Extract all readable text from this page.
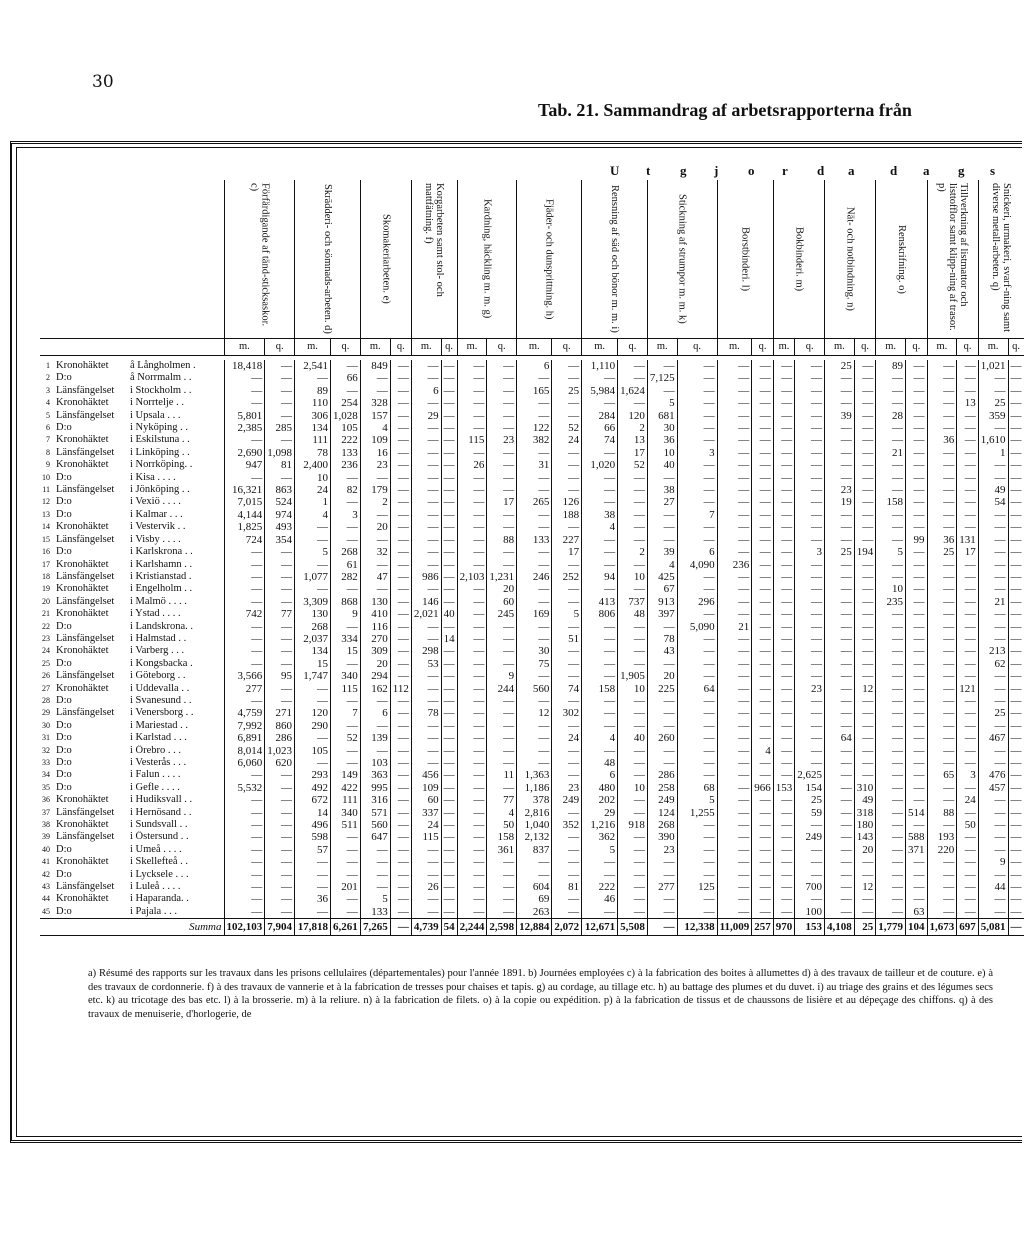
30
Tab. 21. Sammandrag af arbetsrapporterna från
U t g j o r d a	d a g s

			Förfärdigande af tänd-sticksaskor. c)		Skrädderi- och sömnads-arbeten. d)		Skomakeriarbeten. e)		Korgarbeten samt stol- och mattfätning. f)		Kardning, häckling m. m. g)		Fjäder- och dunsprittning. h)		Rensning af säd och bönor m. m. i)		Stickning af strumpor m. m. k)		Borstbinderi. l)		Bokbinderi. m)		Nät- och notbindning. n)		Renskrifning. o)		Tillverkning af listmattor och listtofflor samt klipp-ning af trasor. p)		Snickeri, urmakeri, svarf-ning samt diverse metall-arbeten. q)	

			m.	q.	m.	q.	m.	q.	m.	q.	m.	q.	m.	q.	m.	q.	m.	q.	m.	q.	m.	q.	m.	q.	m.	q.	m.	q.	m.	q.

1	Kronohäktet	å Långholmen .	18,418	—	2,541	—	849	—	—	—	—	—	6	—	1,110	—	—	—	—	—	—	—	25	—	89	—	—	—	1,021	—
2	D:o	å Norrmalm . .	—	—	—	66	—	—	—	—	—	—	—	—	—	—	7,125	—	—	—	—	—	—	—	—	—	—	—	—	—
3	Länsfängelset	i Stockholm . .	—	—	89	—	—	—	6	—	—	—	165	25	5,984	1,624	—	—	—	—	—	—	—	—	—	—	—	—	—	—
4	Kronohäktet	i Norrtelje . .	—	—	110	254	328	—	—	—	—	—	—	—	—	—	5	—	—	—	—	—	—	—	—	—	—	13	25	—
5	Länsfängelset	i Upsala . . .	5,801	—	306	1,028	157	—	29	—	—	—	—	—	284	120	681	—	—	—	—	—	39	—	28	—	—	—	359	—
6	D:o	i Nyköping . .	2,385	285	134	105	4	—	—	—	—	—	122	52	66	2	30	—	—	—	—	—	—	—	—	—	—	—	—	—
7	Kronohäktet	i Eskilstuna . .	—	—	111	222	109	—	—	—	115	23	382	24	74	13	36	—	—	—	—	—	—	—	—	—	36	—	1,610	—
8	Länsfängelset	i Linköping . .	2,690	1,098	78	133	16	—	—	—	—	—	—	—	—	17	10	3	—	—	—	—	—	—	21	—	—	—	1	—
9	Kronohäktet	i Norrköping. .	947	81	2,400	236	23	—	—	—	26	—	31	—	1,020	52	40	—	—	—	—	—	—	—	—	—	—	—	—	—
10	D:o	i Kisa . . . .	—	—	10	—	—	—	—	—	—	—	—	—	—	—	—	—	—	—	—	—	—	—	—	—	—	—	—	—
11	Länsfängelset	i Jönköping . .	16,321	863	24	82	179	—	—	—	—	—	—	—	—	—	38	—	—	—	—	—	23	—	—	—	—	—	49	—
12	D:o	i Vexiö . . . .	7,015	524	1	—	2	—	—	—	—	17	265	126	—	—	27	—	—	—	—	—	19	—	158	—	—	—	54	—
13	D:o	i Kalmar . . .	4,144	974	4	3	—	—	—	—	—	—	—	188	38	—	—	7	—	—	—	—	—	—	—	—	—	—	—	—
14	Kronohäktet	i Vestervik . .	1,825	493	—	—	20	—	—	—	—	—	—	—	4	—	—	—	—	—	—	—	—	—	—	—	—	—	—	—
15	Länsfängelset	i Visby . . . .	724	354	—	—	—	—	—	—	—	88	133	227	—	—	—	—	—	—	—	—	—	—	—	99	36	131	—	—
16	D:o	i Karlskrona . .	—	—	5	268	32	—	—	—	—	—	—	17	—	2	39	6	—	—	—	3	25	194	5	—	25	17	—	—
17	Kronohäktet	i Karlshamn . .	—	—	—	61	—	—	—	—	—	—	—	—	—	—	4	4,090	236	—	—	—	—	—	—	—	—	—	—	—
18	Länsfängelset	i Kristianstad .	—	—	1,077	282	47	—	986	—	2,103	1,231	246	252	94	10	425	—	—	—	—	—	—	—	—	—	—	—	—	—
19	Kronohäktet	i Engelholm . .	—	—	—	—	—	—	—	—	—	20	—	—	—	—	67	—	—	—	—	—	—	—	10	—	—	—	—	—
20	Länsfängelset	i Malmö . . . .	—	—	3,309	868	130	—	146	—	—	60	—	—	413	737	913	296	—	—	—	—	—	—	235	—	—	—	21	—
21	Kronohäktet	i Ystad . . . .	742	77	130	9	410	—	2,021	40	—	245	169	5	806	48	397	—	—	—	—	—	—	—	—	—	—	—	—	—
22	D:o	i Landskrona. .	—	—	268	—	116	—	—	—	—	—	—	—	—	—	—	5,090	21	—	—	—	—	—	—	—	—	—	—	—
23	Länsfängelset	i Halmstad . .	—	—	2,037	334	270	—	—	14	—	—	—	51	—	—	78	—	—	—	—	—	—	—	—	—	—	—	—	—
24	Kronohäktet	i Varberg . . .	—	—	134	15	309	—	298	—	—	—	30	—	—	—	43	—	—	—	—	—	—	—	—	—	—	—	213	—
25	D:o	i Kongsbacka .	—	—	15	—	20	—	53	—	—	—	75	—	—	—	—	—	—	—	—	—	—	—	—	—	—	—	62	—
26	Länsfängelset	i Göteborg . .	3,566	95	1,747	340	294	—	—	—	—	9	—	—	—	1,905	20	—	—	—	—	—	—	—	—	—	—	—	—	—
27	Kronohäktet	i Uddevalla . .	277	—	—	115	162	112	—	—	—	244	560	74	158	10	225	64	—	—	—	23	—	12	—	—	—	121	—	—
28	D:o	i Svanesund . .	—	—	—	—	—	—	—	—	—	—	—	—	—	—	—	—	—	—	—	—	—	—	—	—	—	—	—	—
29	Länsfängelset	i Venersborg . .	4,759	271	120	7	6	—	78	—	—	—	12	302	—	—	—	—	—	—	—	—	—	—	—	—	—	—	25	—
30	D:o	i Mariestad . .	7,992	860	290	—	—	—	—	—	—	—	—	—	—	—	—	—	—	—	—	—	—	—	—	—	—	—	—	—
31	D:o	i Karlstad . . .	6,891	286	—	52	139	—	—	—	—	—	—	24	4	40	260	—	—	—	—	—	64	—	—	—	—	—	467	—
32	D:o	i Örebro . . .	8,014	1,023	105	—	—	—	—	—	—	—	—	—	—	—	—	—	—	4	—	—	—	—	—	—	—	—	—	—
33	D:o	i Vesterås . . .	6,060	620	—	—	103	—	—	—	—	—	—	—	48	—	—	—	—	—	—	—	—	—	—	—	—	—	—	—
34	D:o	i Falun . . . .	—	—	293	149	363	—	456	—	—	11	1,363	—	6	—	286	—	—	—	—	2,625	—	—	—	—	65	3	476	—
35	D:o	i Gefle . . . .	5,532	—	492	422	995	—	109	—	—	—	1,186	23	480	10	258	68	—	966	153	154	—	310	—	—	—	—	457	—
36	Kronohäktet	i Hudiksvall . .	—	—	672	111	316	—	60	—	—	77	378	249	202	—	249	5	—	—	—	25	—	49	—	—	—	24	—	—
37	Länsfängelset	i Hernösand . .	—	—	14	340	571	—	337	—	—	4	2,816	—	29	—	124	1,255	—	—	—	59	—	318	—	514	88	—	—	—
38	Kronohäktet	i Sundsvall . .	—	—	496	511	560	—	24	—	—	50	1,040	352	1,216	918	268	—	—	—	—	—	—	180	—	—	—	50	—	—
39	Länsfängelset	i Östersund . .	—	—	598	—	647	—	115	—	—	158	2,132	—	362	—	390	—	—	—	—	249	—	143	—	588	193	—	—	—
40	D:o	i Umeå . . . .	—	—	57	—	—	—	—	—	—	361	837	—	5	—	23	—	—	—	—	—	—	20	—	371	220	—	—	—
41	Kronohäktet	i Skellefteå . .	—	—	—	—	—	—	—	—	—	—	—	—	—	—	—	—	—	—	—	—	—	—	—	—	—	—	9	—
42	D:o	i Lycksele . . .	—	—	—	—	—	—	—	—	—	—	—	—	—	—	—	—	—	—	—	—	—	—	—	—	—	—	—	—
43	Länsfängelset	i Luleå . . . .	—	—	—	201	—	—	26	—	—	—	604	81	222	—	277	125	—	—	—	700	—	12	—	—	—	—	44	—
44	Kronohäktet	i Haparanda. .	—	—	36	—	5	—	—	—	—	—	69	—	46	—	—	—	—	—	—	—	—	—	—	—	—	—	—	—
45	D:o	i Pajala . . .	—	—	—	—	133	—	—	—	—	—	263	—	—	—	—	—	—	—	—	100	—	—	—	63	—	—	—	—
Summa			102,103	7,904	17,818	6,261	7,265	—	4,739	54	2,244	2,598	12,884	2,072	12,671	5,508	—	12,338	11,009	257	970	153	4,108	25	1,779	104	1,673	697	5,081	—
a) Résumé des rapports sur les travaux dans les prisons cellulaires (départementales) pour l'année 1891. b) Journées employées c) à la fabrication des boites à allumettes d) à des travaux de tailleur et de couture. e) à des travaux de cordonnerie. f) à des travaux de vannerie et à la fabrication de tresses pour chaises et tapis. g) au cordage, au tillage etc. h) au battage des plumes et du duvet. i) au triage des grains et des légumes secs etc. k) au tricotage des bas etc. l) à la brosserie. m) à la reliure. n) à la fabrication de filets. o) à la copie ou expédition. p) à la fabrication de tissus et de chaussons de lisière et au dépeçage des chiffons. q) à des travaux de menuiserie, d'horlogerie, de
